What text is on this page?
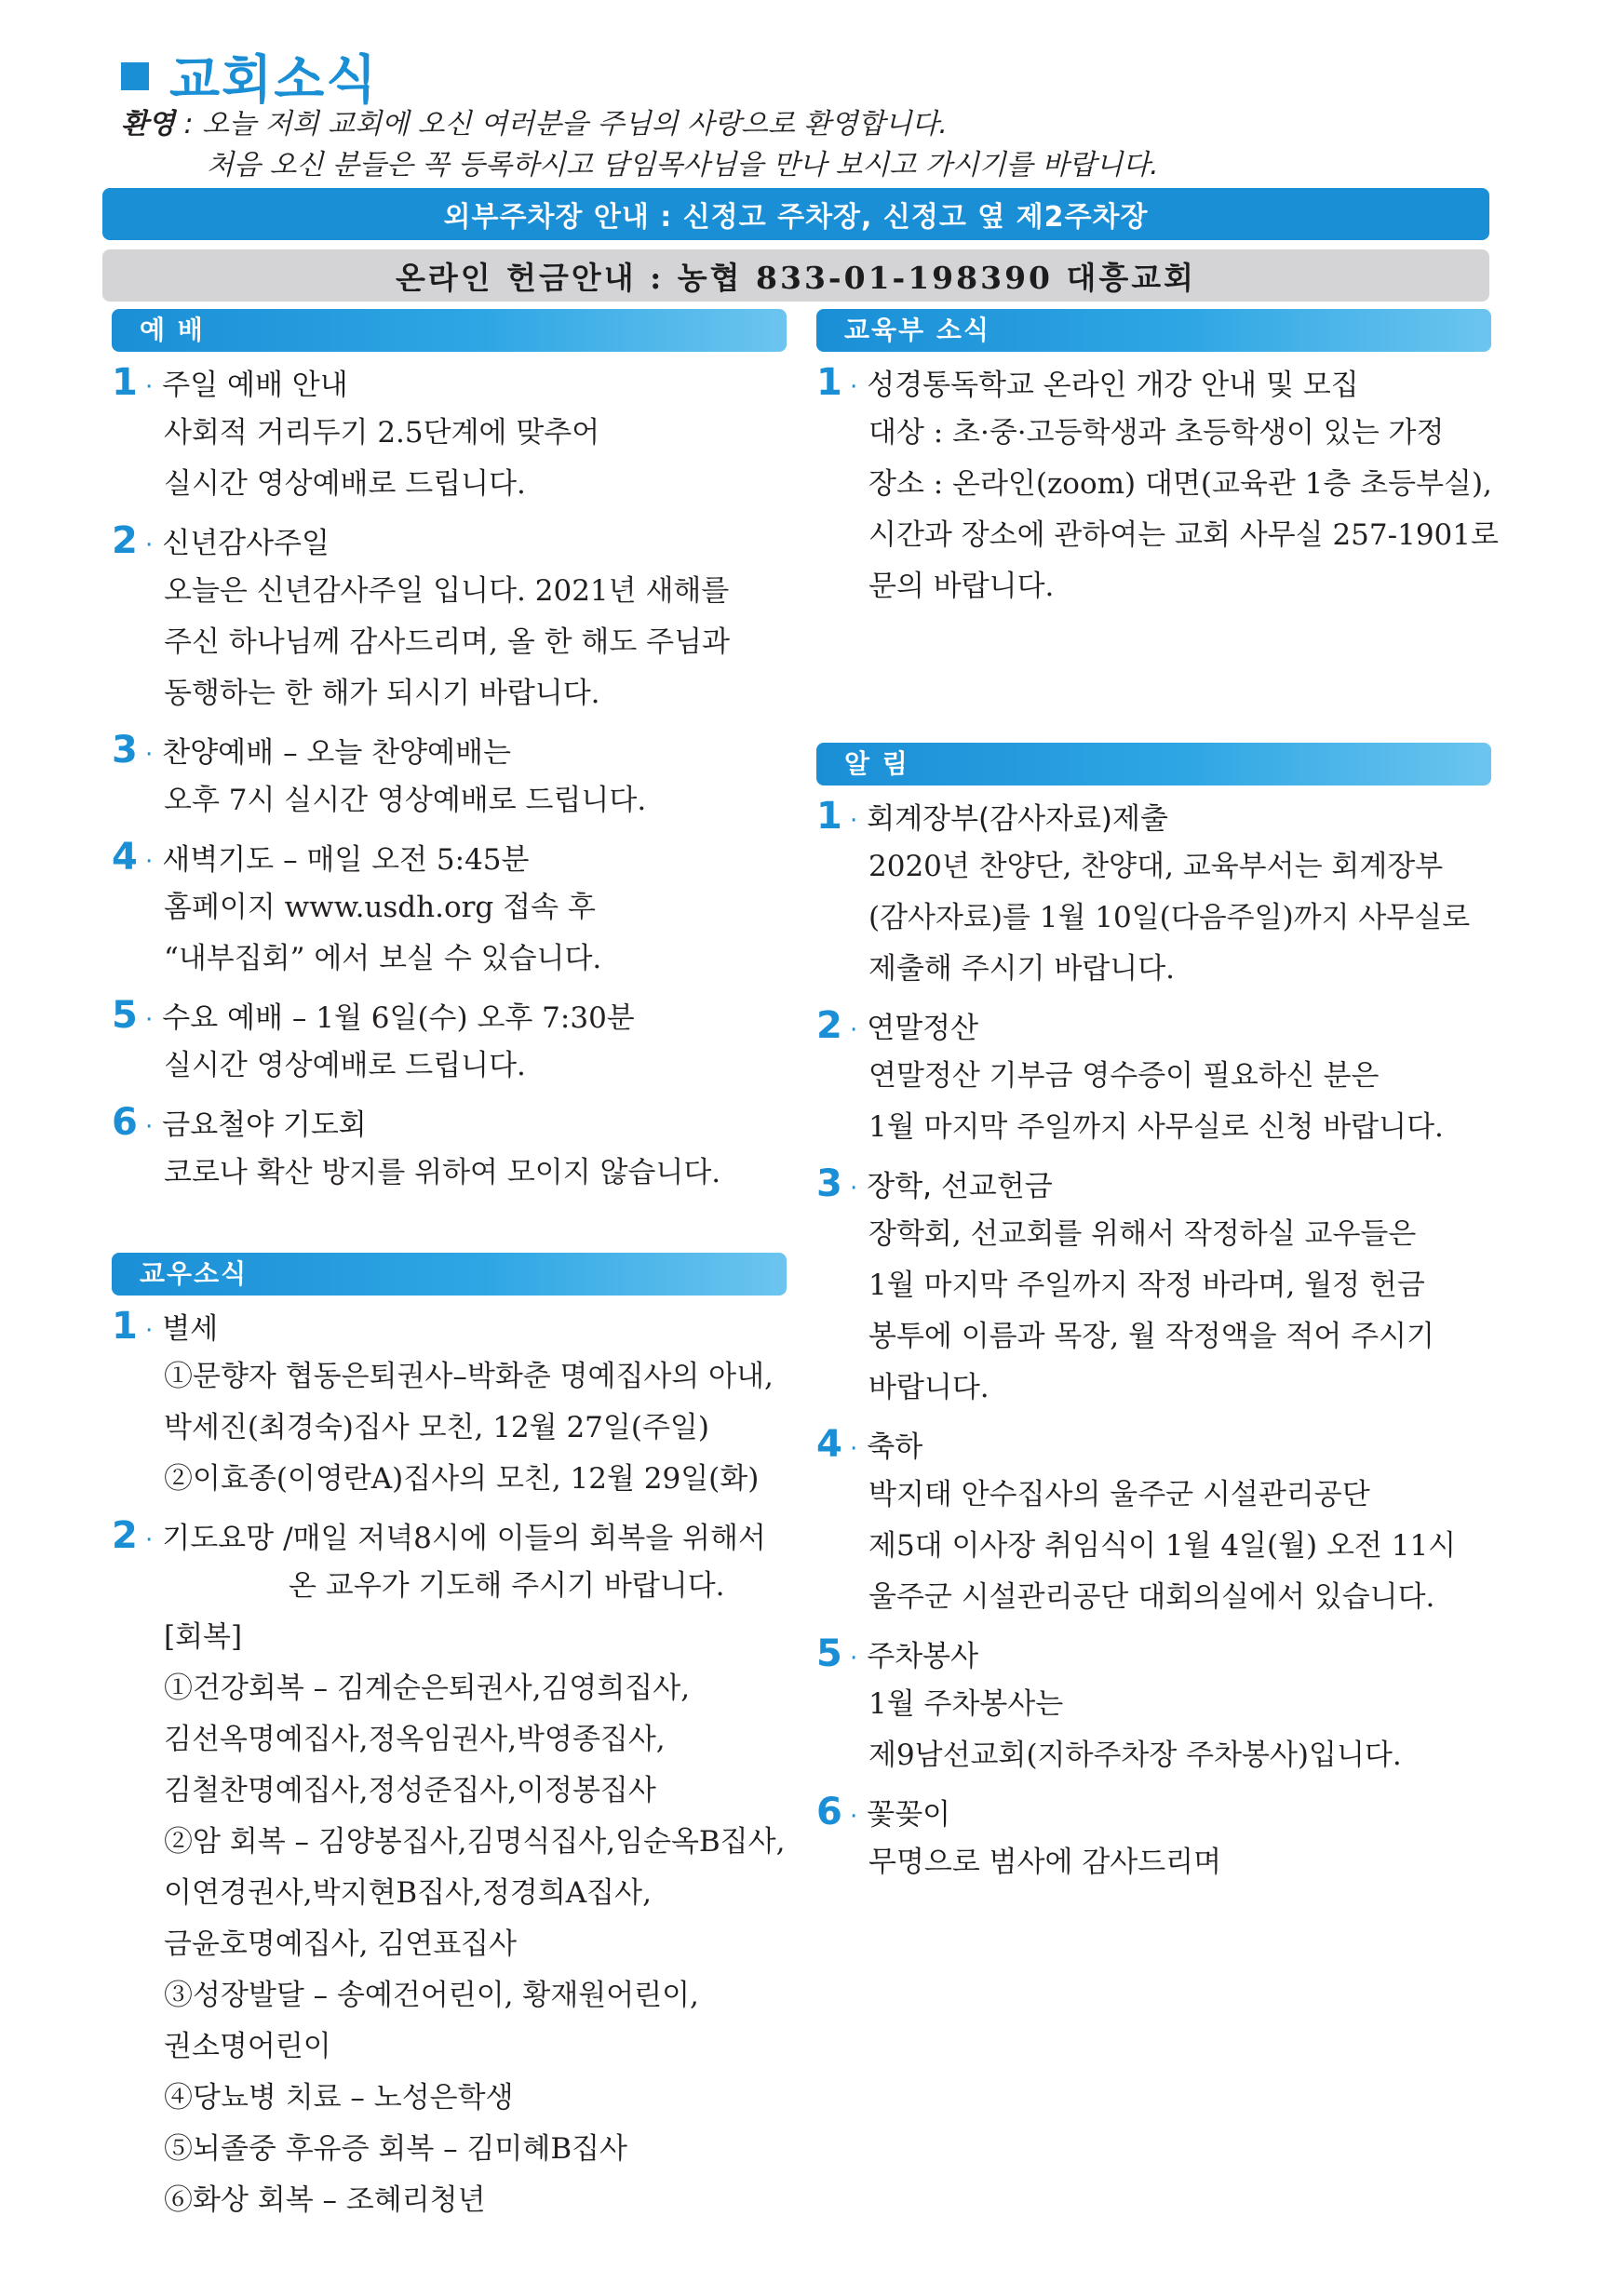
교회소식
환영 : 오늘 저희 교회에 오신 여러분을 주님의 사랑으로 환영합니다.
처음 오신 분들은 꼭 등록하시고 담임목사님을 만나 보시고 가시기를 바랍니다.
외부주차장 안내 : 신정고 주차장, 신정고 옆 제2주차장
온라인 헌금안내 : 농협 833-01-198390 대흥교회
예 배
1 · 주일 예배 안내
사회적 거리두기 2.5단계에 맞추어
실시간 영상예배로 드립니다.
2 · 신년감사주일
오늘은 신년감사주일 입니다. 2021년 새해를
주신 하나님께 감사드리며, 올 한 해도 주님과
동행하는 한 해가 되시기 바랍니다.
3 · 찬양예배 – 오늘 찬양예배는
오후 7시 실시간 영상예배로 드립니다.
4 · 새벽기도 – 매일 오전 5:45분
홈페이지 www.usdh.org 접속 후
“내부집회” 에서 보실 수 있습니다.
5 · 수요 예배 – 1월 6일(수) 오후 7:30분
실시간 영상예배로 드립니다.
6 · 금요철야 기도회
코로나 확산 방지를 위하여 모이지 않습니다.
교우소식
1 · 별세
①문향자 협동은퇴권사–박화춘 명예집사의 아내,
박세진(최경숙)집사 모친, 12월 27일(주일)
②이효종(이영란A)집사의 모친, 12월 29일(화)
2 · 기도요망 /매일 저녁8시에 이들의 회복을 위해서
온 교우가 기도해 주시기 바랍니다.
[회복]
①건강회복 – 김계순은퇴권사,김영희집사,
김선옥명예집사,정옥임권사,박영종집사,
김철찬명예집사,정성준집사,이정봉집사
②암 회복 – 김양봉집사,김명식집사,임순옥B집사,
이연경권사,박지현B집사,정경희A집사,
금윤호명예집사, 김연표집사
③성장발달 – 송예건어린이, 황재원어린이,
권소명어린이
④당뇨병 치료 – 노성은학생
⑤뇌졸중 후유증 회복 – 김미혜B집사
⑥화상 회복 – 조혜리청년
교육부 소식
1 · 성경통독학교 온라인 개강 안내 및 모집
대상 : 초·중·고등학생과 초등학생이 있는 가정
장소 : 온라인(zoom) 대면(교육관 1층 초등부실),
시간과 장소에 관하여는 교회 사무실 257-1901로
문의 바랍니다.
알 림
1 · 회계장부(감사자료)제출
2020년 찬양단, 찬양대, 교육부서는 회계장부
(감사자료)를 1월 10일(다음주일)까지 사무실로
제출해 주시기 바랍니다.
2 · 연말정산
연말정산 기부금 영수증이 필요하신 분은
1월 마지막 주일까지 사무실로 신청 바랍니다.
3 · 장학, 선교헌금
장학회, 선교회를 위해서 작정하실 교우들은
1월 마지막 주일까지 작정 바라며, 월정 헌금
봉투에 이름과 목장, 월 작정액을 적어 주시기
바랍니다.
4 · 축하
박지태 안수집사의 울주군 시설관리공단
제5대 이사장 취임식이 1월 4일(월) 오전 11시
울주군 시설관리공단 대회의실에서 있습니다.
5 · 주차봉사
1월 주차봉사는
제9남선교회(지하주차장 주차봉사)입니다.
6 · 꽃꽂이
무명으로 범사에 감사드리며
